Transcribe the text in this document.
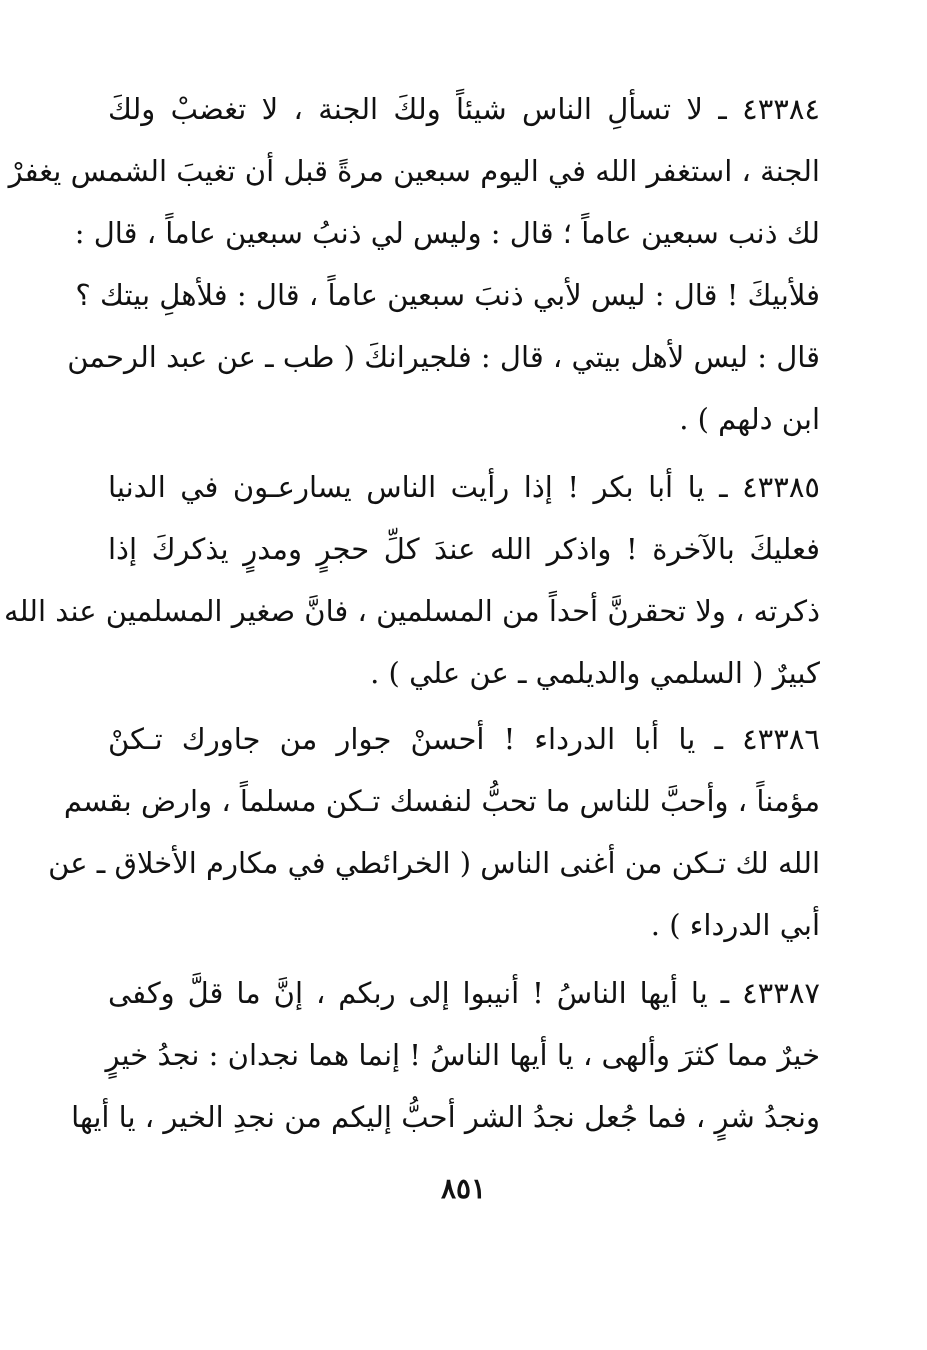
٤٣٣٨٤ ـ لا تسألِ الناس شيئاً ولكَ الجنة ، لا تغضبْ ولكَ
الجنة ، استغفر الله في اليوم سبعين مرةً قبل أن تغيبَ الشمس يغفرْ
لك ذنب سبعين عاماً ؛ قال : وليس لي ذنبُ سبعين عاماً ، قال :
فلأبيكَ ! قال : ليس لأبي ذنبَ سبعين عاماً ، قال : فلأهلِ بيتك ؟
قال : ليس لأهل بيتي ، قال : فلجيرانكَ ( طب ـ عن عبد الرحمن
ابن دلهم ) .
٤٣٣٨٥ ـ يا أبا بكر ! إذا رأيت الناس يسارعـون في الدنيا
فعليكَ بالآخرة ! واذكر الله عندَ كلِّ حجرٍ ومدرٍ يذكركَ إذا
ذكرته ، ولا تحقرنَّ أحداً من المسلمين ، فانَّ صغير المسلمين عند الله
كبيرٌ ( السلمي والديلمي ـ عن علي ) .
٤٣٣٨٦ ـ يا أبا الدرداء ! أحسنْ جوار من جاورك تـكنْ
مؤمناً ، وأحبَّ للناس ما تحبُّ لنفسك تـكن مسلماً ، وارض بقسم
الله لك تـكن من أغنى الناس ( الخرائطي في مكارم الأخلاق ـ عن
أبي الدرداء ) .
٤٣٣٨٧ ـ يا أيها الناسُ ! أنيبوا إلى ربكم ، إنَّ ما قلَّ وكفى
خيرٌ مما كثرَ وألهى ، يا أيها الناسُ ! إنما هما نجدان : نجدُ خيرٍ
ونجدُ شرٍ ، فما جُعل نجدُ الشر أحبُّ إليكم من نجدِ الخير ، يا أيها
٨٥١
